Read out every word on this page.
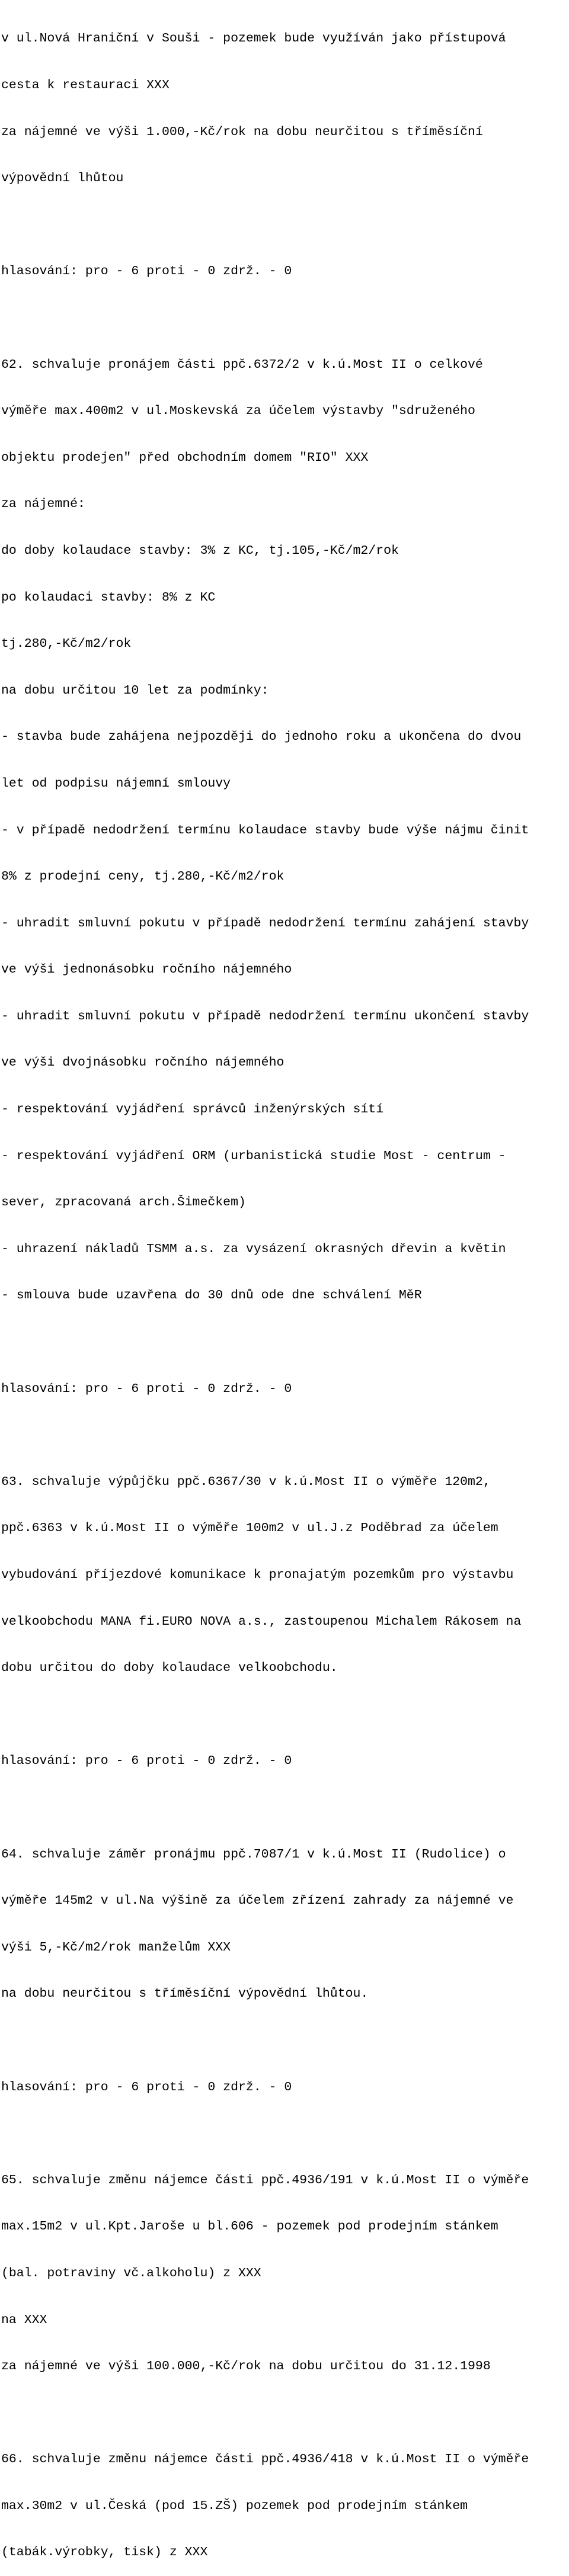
v ul.Nová Hraniční v Souši - pozemek bude využíván jako přístupová

cesta k restauraci XXX

za nájemné ve výši 1.000,-Kč/rok na dobu neurčitou s tříměsíční

výpovědní lhůtou

hlasování: pro - 6 proti - 0 zdrž. - 0

62. schvaluje pronájem části ppč.6372/2 v k.ú.Most II o celkové

výměře max.400m2 v ul.Moskevská za účelem výstavby "sdruženého

objektu prodejen" před obchodním domem "RIO" XXX

za nájemné:

do doby kolaudace stavby: 3% z KC, tj.105,-Kč/m2/rok

po kolaudaci stavby: 8% z KC

tj.280,-Kč/m2/rok

na dobu určitou 10 let za podmínky:

- stavba bude zahájena nejpozději do jednoho roku a ukončena do dvou

let od podpisu nájemní smlouvy

- v případě nedodržení termínu kolaudace stavby bude výše nájmu činit

8% z prodejní ceny, tj.280,-Kč/m2/rok

- uhradit smluvní pokutu v případě nedodržení termínu zahájení stavby

ve výši jednonásobku ročního nájemného

- uhradit smluvní pokutu v případě nedodržení termínu ukončení stavby

ve výši dvojnásobku ročního nájemného

- respektování vyjádření správců inženýrských sítí

- respektování vyjádření ORM (urbanistická studie Most - centrum -

sever, zpracovaná arch.Šimečkem)

- uhrazení nákladů TSMM a.s. za vysázení okrasných dřevin a květin

- smlouva bude uzavřena do 30 dnů ode dne schválení MěR

hlasování: pro - 6 proti - 0 zdrž. - 0

63. schvaluje výpůjčku ppč.6367/30 v k.ú.Most II o výměře 120m2,

ppč.6363 v k.ú.Most II o výměře 100m2 v ul.J.z Poděbrad za účelem

vybudování příjezdové komunikace k pronajatým pozemkům pro výstavbu

velkoobchodu MANA fi.EURO NOVA a.s., zastoupenou Michalem Rákosem na

dobu určitou do doby kolaudace velkoobchodu.

hlasování: pro - 6 proti - 0 zdrž. - 0

64. schvaluje záměr pronájmu ppč.7087/1 v k.ú.Most II (Rudolice) o

výměře 145m2 v ul.Na výšině za účelem zřízení zahrady za nájemné ve

výši 5,-Kč/m2/rok manželům XXX

na dobu neurčitou s tříměsíční výpovědní lhůtou.

hlasování: pro - 6 proti - 0 zdrž. - 0

65. schvaluje změnu nájemce části ppč.4936/191 v k.ú.Most II o výměře

max.15m2 v ul.Kpt.Jaroše u bl.606 - pozemek pod prodejním stánkem

(bal. potraviny vč.alkoholu) z XXX

na XXX

za nájemné ve výši 100.000,-Kč/rok na dobu určitou do 31.12.1998

66. schvaluje změnu nájemce části ppč.4936/418 v k.ú.Most II o výměře

max.30m2 v ul.Česká (pod 15.ZŠ) pozemek pod prodejním stánkem

(tabák.výrobky, tisk) z XXX
